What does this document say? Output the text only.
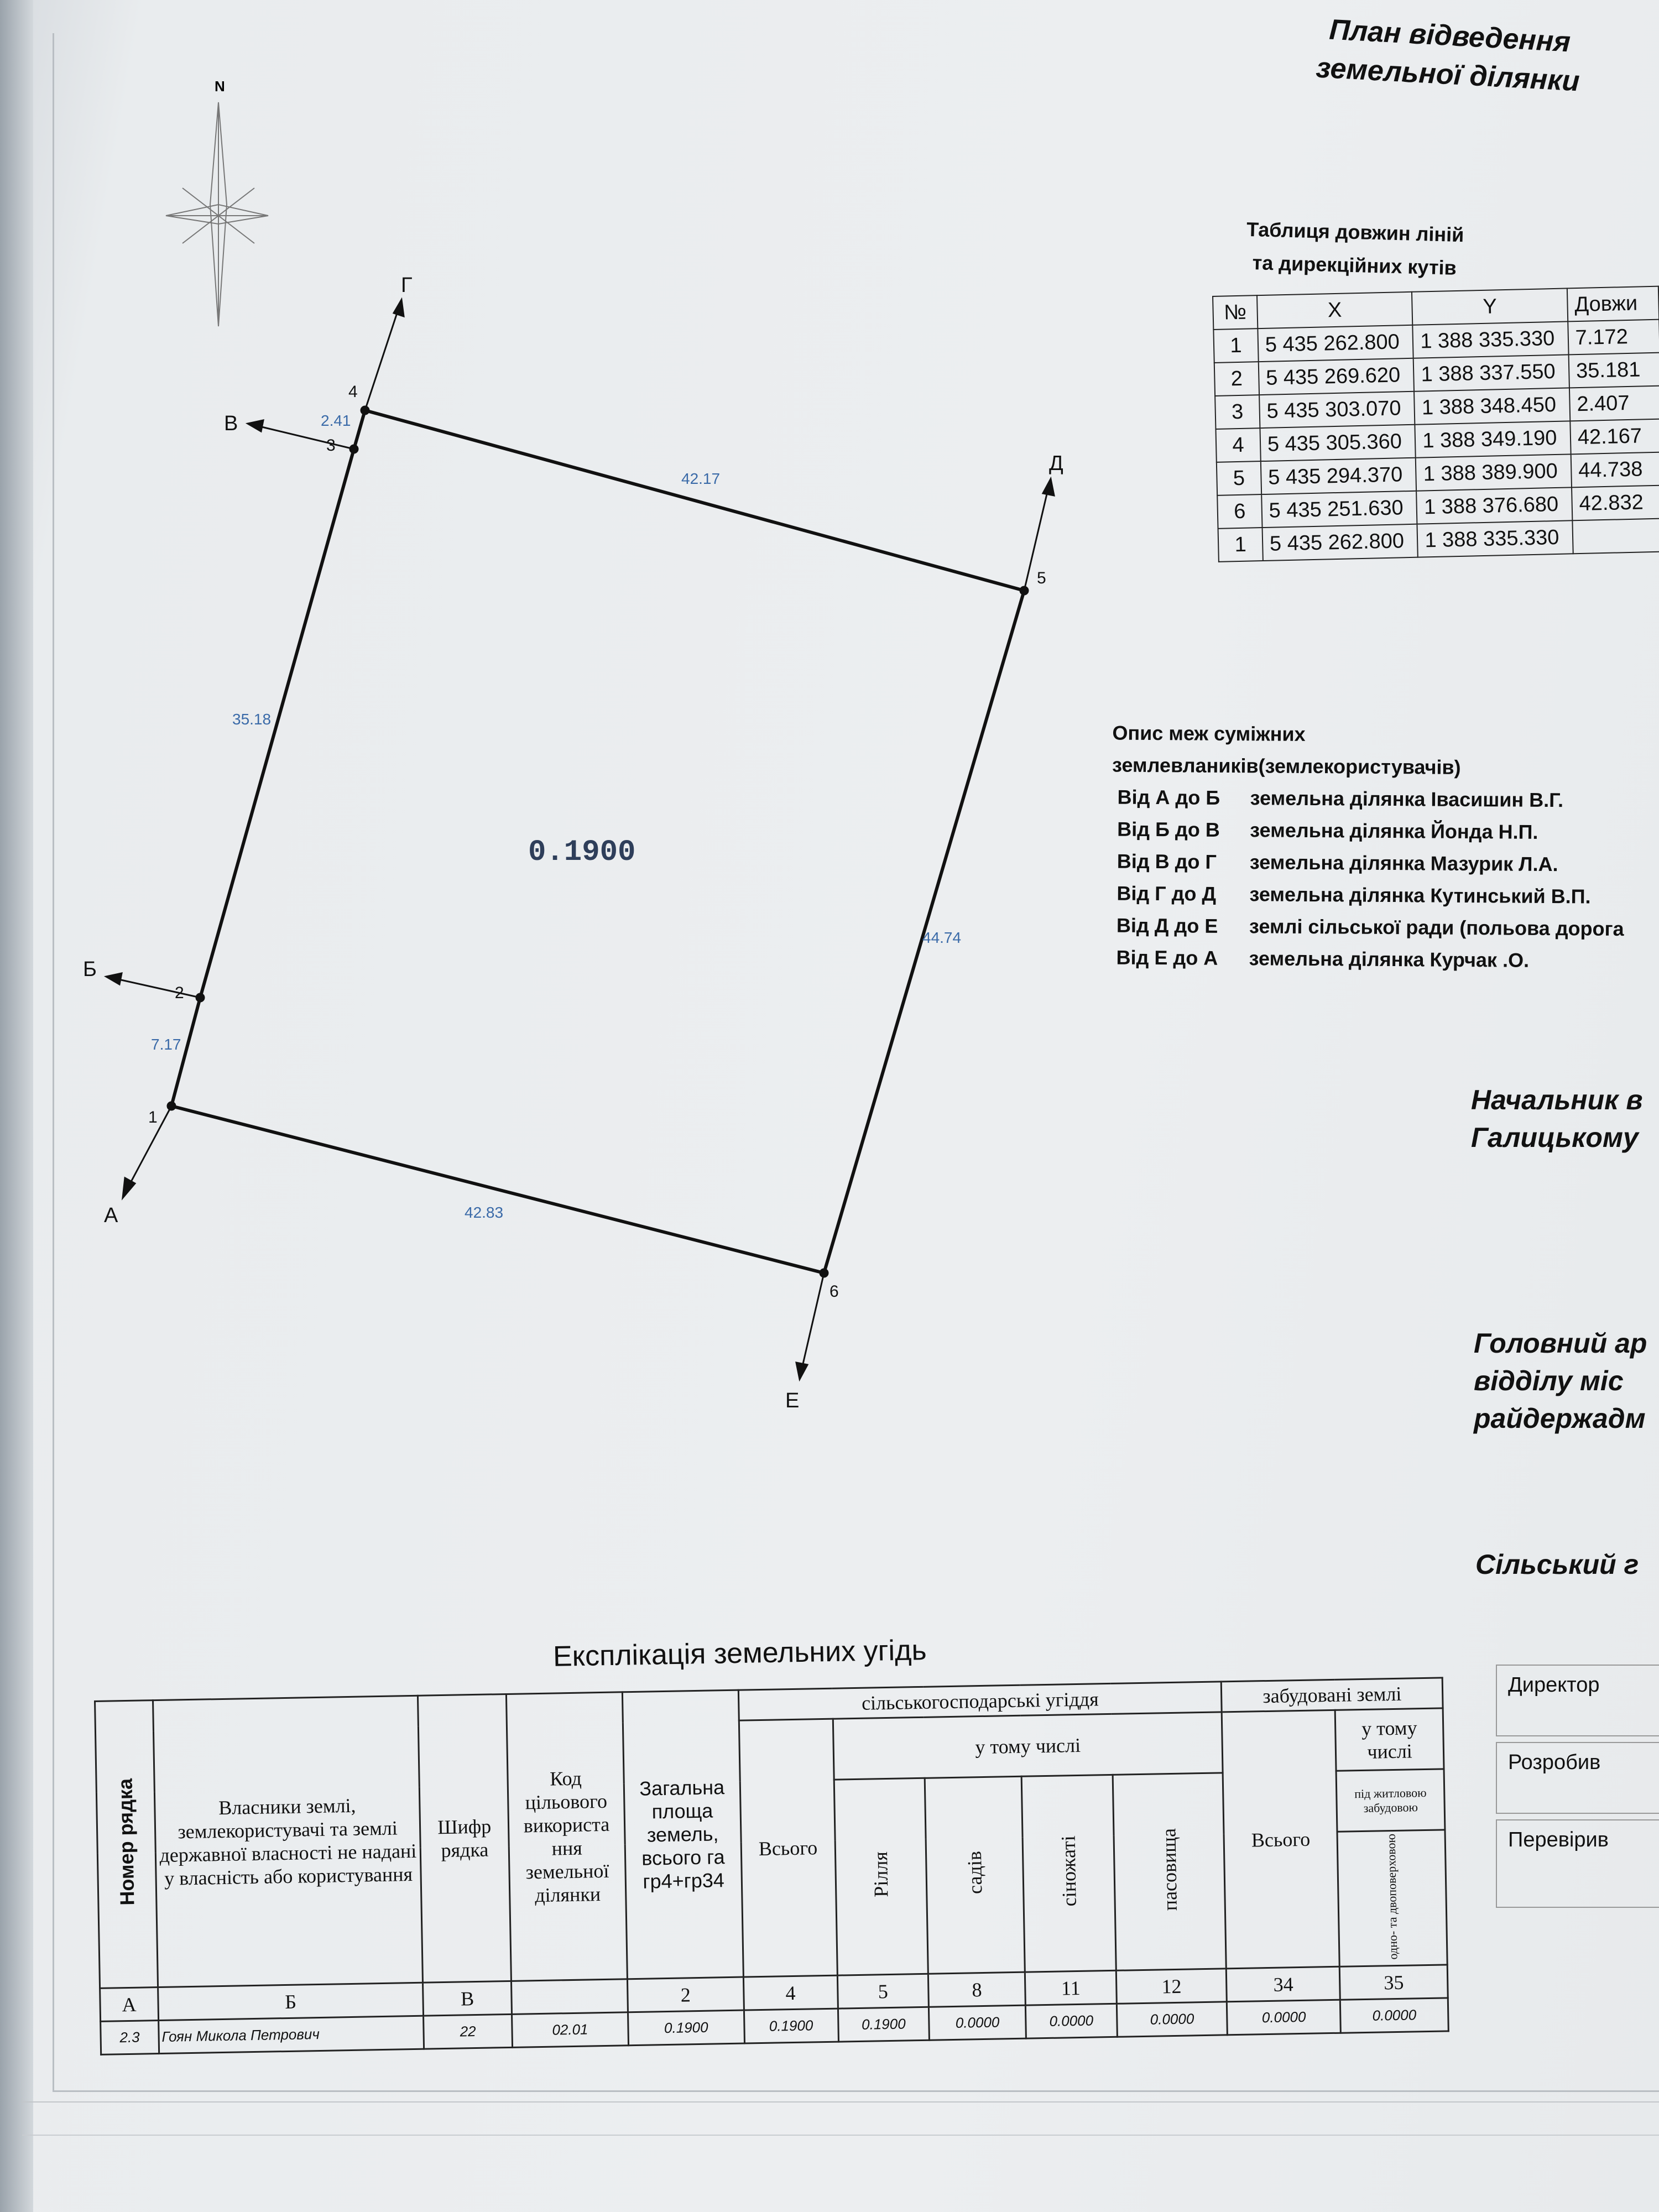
План відведення
земельної ділянки
N
1
2
3
4
5
6
А
Б
В
Г
Д
Е
7.17
35.18
2.41
42.17
44.74
42.83
0.1900
Таблиця довжин ліній
та дирекційних кутів
№	X	Y	Довжи
1	5 435 262.800	1 388 335.330	7.172
2	5 435 269.620	1 388 337.550	35.181
3	5 435 303.070	1 388 348.450	2.407
4	5 435 305.360	1 388 349.190	42.167
5	5 435 294.370	1 388 389.900	44.738
6	5 435 251.630	1 388 376.680	42.832
1	5 435 262.800	1 388 335.330	
Опис меж суміжних
землевлаників(землекористувачів)
Від А до Б	земельна ділянка Івасишин В.Г.
Від Б до В	земельна ділянка Йонда Н.П.
Від В до Г	земельна ділянка Мазурик Л.А.
Від Г до Д	земельна ділянка Кутинський В.П.
Від Д до Е	землі сільської ради (польова дорога
Від Е до А	земельна ділянка Курчак .О.
Начальник в
Галицькому
Головний ар
відділу міс
райдержадм
Сільський г
Директор
Розробив
Перевірив
Експлікація земельних угідь
Номер рядка	Власники землі, землекористувачі та землі державної власності не надані у власність або користування	Шифр рядка	Код цільового використа ння земельної ділянки	Загальна площа земель, всього га гр4+гр34	сільськогосподарські угіддя					забудовані землі	
					Всього	у тому числі				Всього	у тому числі
						Рілля	садів	сіножаті	пасовища		під житловою забудовою
											одно- та двоповерховою
А	Б	В		2	4	5	8	11	12	34	35
2.3	Гоян Микола Петрович	22	02.01	0.1900	0.1900	0.1900	0.0000	0.0000	0.0000	0.0000	0.0000
